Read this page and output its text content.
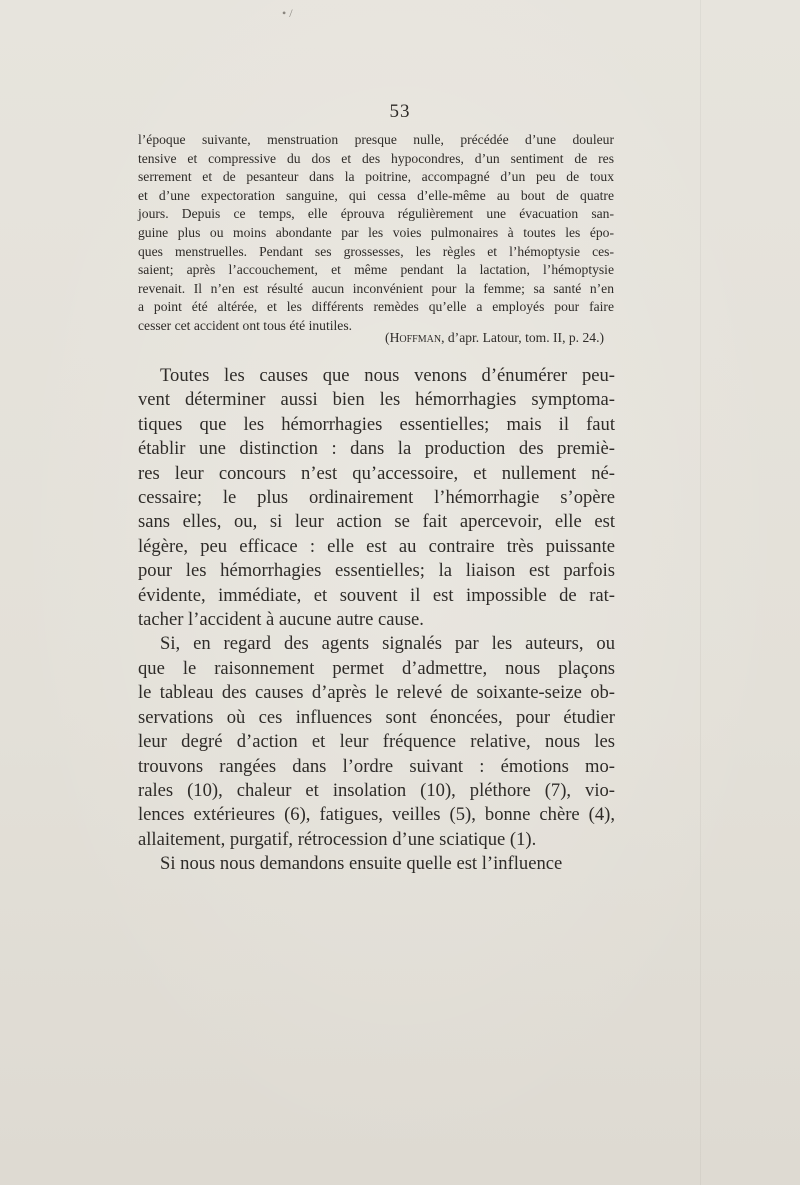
• /
53
l’époque suivante, menstruation presque nulle, précédée d’une douleur
tensive et compressive du dos et des hypocondres, d’un sentiment de res
serrement et de pesanteur dans la poitrine, accompagné d’un peu de toux
et d’une expectoration sanguine, qui cessa d’elle-même au bout de quatre
jours. Depuis ce temps, elle éprouva régulièrement une évacuation san-
guine plus ou moins abondante par les voies pulmonaires à toutes les épo-
ques menstruelles. Pendant ses grossesses, les règles et l’hémoptysie ces-
saient; après l’accouchement, et même pendant la lactation, l’hémoptysie
revenait. Il n’en est résulté aucun inconvénient pour la femme; sa santé n’en
a point été altérée, et les différents remèdes qu’elle a employés pour faire
cesser cet accident ont tous été inutiles.
(Hoffman, d’apr. Latour, tom. II, p. 24.)
Toutes les causes que nous venons d’énumérer peu-
vent déterminer aussi bien les hémorrhagies symptoma-
tiques que les hémorrhagies essentielles; mais il faut
établir une distinction : dans la production des premiè-
res leur concours n’est qu’accessoire, et nullement né-
cessaire; le plus ordinairement l’hémorrhagie s’opère
sans elles, ou, si leur action se fait apercevoir, elle est
légère, peu efficace : elle est au contraire très puissante
pour les hémorrhagies essentielles; la liaison est parfois
évidente, immédiate, et souvent il est impossible de rat-
tacher l’accident à aucune autre cause.
Si, en regard des agents signalés par les auteurs, ou
que le raisonnement permet d’admettre, nous plaçons
le tableau des causes d’après le relevé de soixante-seize ob-
servations où ces influences sont énoncées, pour étudier
leur degré d’action et leur fréquence relative, nous les
trouvons rangées dans l’ordre suivant : émotions mo-
rales (10), chaleur et insolation (10), pléthore (7), vio-
lences extérieures (6), fatigues, veilles (5), bonne chère (4),
allaitement, purgatif, rétrocession d’une sciatique (1).
Si nous nous demandons ensuite quelle est l’influence
